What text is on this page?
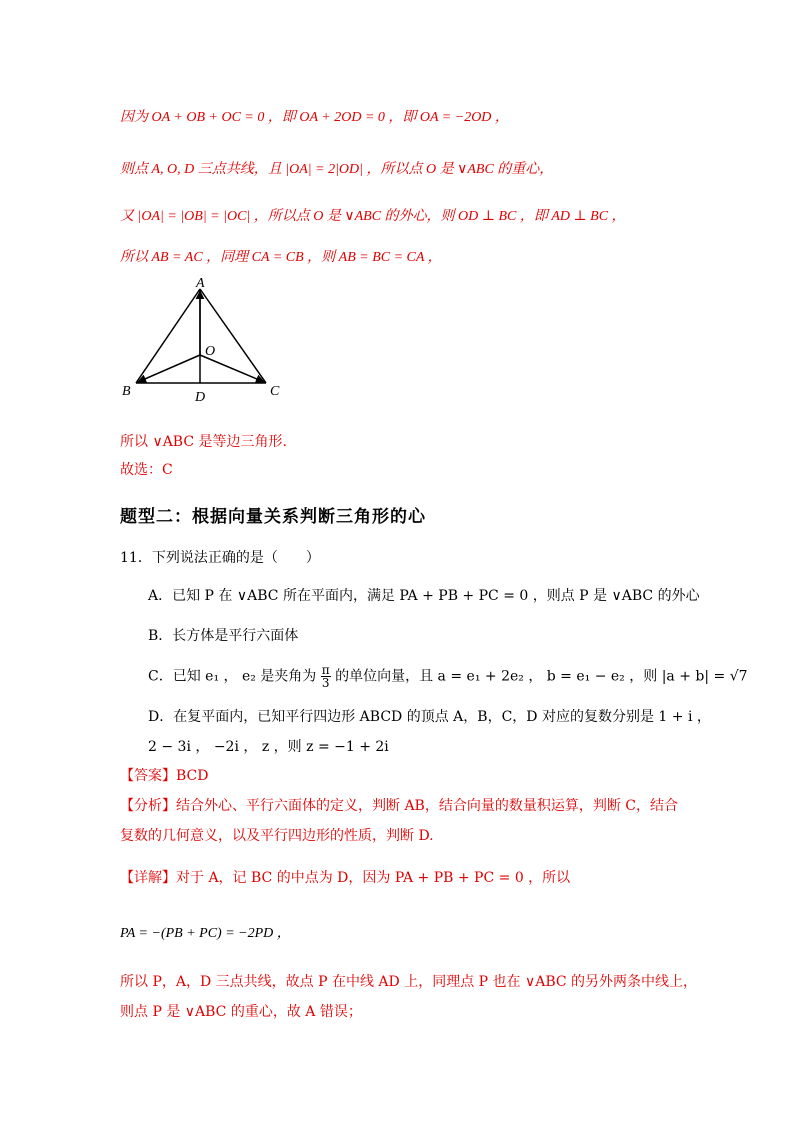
因为 OA + OB + OC = 0 ，即 OA + 2OD = 0 ，即 OA = −2OD ，
则点 A, O, D 三点共线，且 |OA| = 2|OD| ，所以点 O 是 ∨ABC 的重心，
又 |OA| = |OB| = |OC| ，所以点 O 是 ∨ABC 的外心，则 OD ⊥ BC ，即 AD ⊥ BC ，
所以 AB = AC ，同理 CA = CB ，则 AB = BC = CA ，
A
B	C
O
D
所以 ∨ABC 是等边三角形.
故选：C
题型二：根据向量关系判断三角形的心
11．下列说法正确的是（　　）
A．已知 P 在 ∨ABC 所在平面内，满足 PA + PB + PC = 0 ，则点 P 是 ∨ABC 的外心
B．长方体是平行六面体
C．已知 e₁ ， e₂ 是夹角为 $\frac{\pi}{3}$ 的单位向量，且 a = e₁ + 2e₂ ， b = e₁ − e₂ ，则 |a + b| = √7
D．在复平面内，已知平行四边形 ABCD 的顶点 A，B，C，D 对应的复数分别是 1 + i ，
2 − 3i ， −2i ， z ，则 z = −1 + 2i
【答案】BCD
【分析】结合外心、平行六面体的定义，判断 AB，结合向量的数量积运算，判断 C，结合
复数的几何意义，以及平行四边形的性质，判断 D.
【详解】对于 A，记 BC 的中点为 D，因为 PA + PB + PC = 0 ，所以
PA = −(PB + PC) = −2PD ，
所以 P，A，D 三点共线，故点 P 在中线 AD 上，同理点 P 也在 ∨ABC 的另外两条中线上，
则点 P 是 ∨ABC 的重心，故 A 错误；
